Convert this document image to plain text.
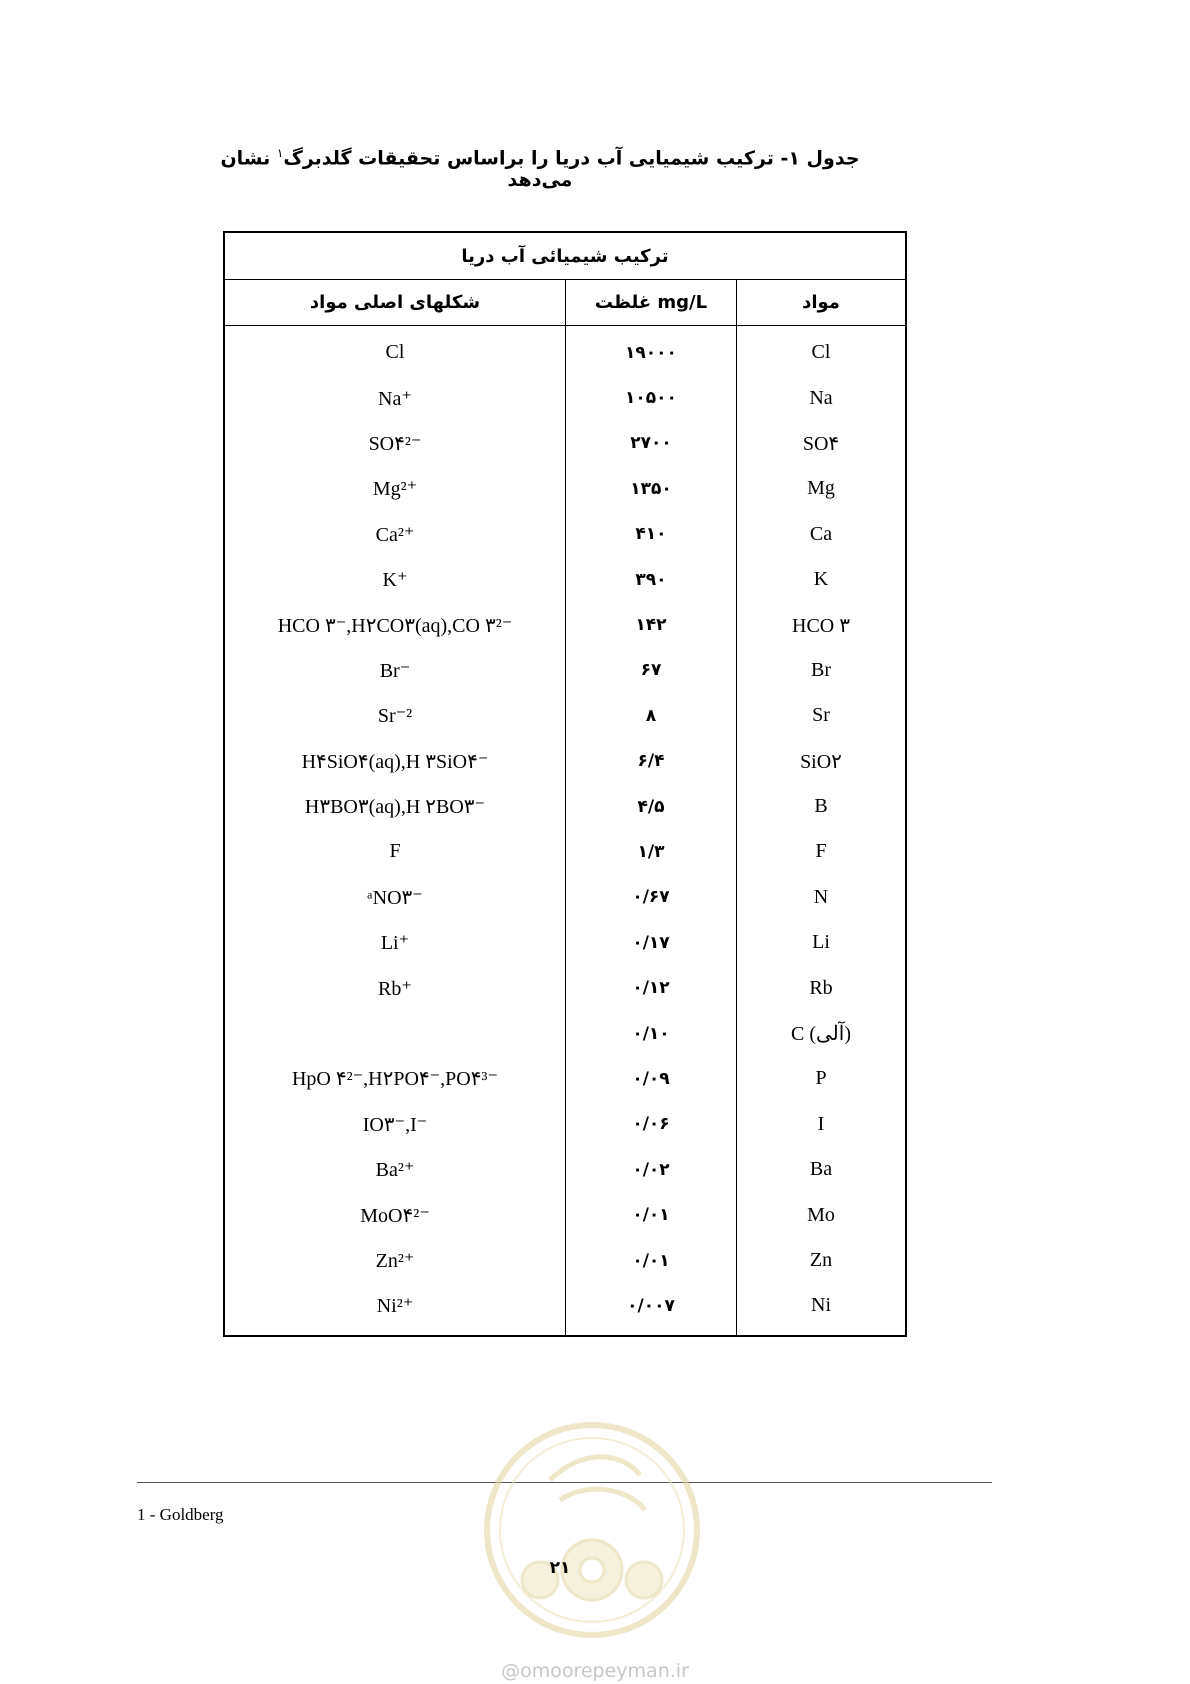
جدول ۱- ترکیب شیمیایی آب دریا را براساس تحقیقات گلدبرگ$^۱$ نشان می‌دهد
ترکیب شیمیائی آب دریا		
شکلهای اصلی مواد	غلظت mg/L	مواد
Cl	۱۹۰۰۰	Cl
Na⁺	۱۰۵۰۰	Na
SO۴²⁻	۲۷۰۰	SO۴
Mg²⁺	۱۳۵۰	Mg
Ca²⁺	۴۱۰	Ca
K⁺	۳۹۰	K
HCO ۳⁻,H۲CO۳(aq),CO ۳²⁻	۱۴۲	HCO ۳
Br⁻	۶۷	Br
Sr⁻²	۸	Sr
H۴SiO۴(aq),H ۳SiO۴⁻	۶/۴	SiO۲
H۳BO۳(aq),H ۲BO۳⁻	۴/۵	B
F	۱/۳	F
ᵃNO۳⁻	۰/۶۷	N
Li⁺	۰/۱۷	Li
Rb⁺	۰/۱۲	Rb
	۰/۱۰	C (آلی)
HpO ۴²⁻,H۲PO۴⁻,PO۴³⁻	۰/۰۹	P
IO۳⁻,I⁻	۰/۰۶	I
Ba²⁺	۰/۰۲	Ba
MoO۴²⁻	۰/۰۱	Mo
Zn²⁺	۰/۰۱	Zn
Ni²⁺	۰/۰۰۷	Ni
1 - Goldberg
۲۱
@omoorepeyman.ir
